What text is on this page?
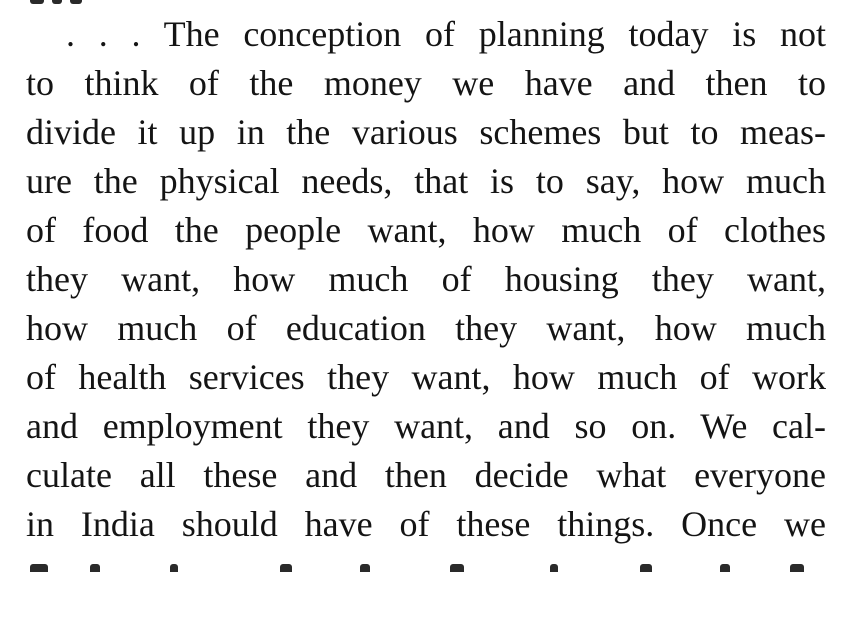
. . . The conception of planning today is not
to think of the money we have and then to
divide it up in the various schemes but to meas-
ure the physical needs, that is to say, how much
of food the people want, how much of clothes
they want, how much of housing they want,
how much of education they want, how much
of health services they want, how much of work
and employment they want, and so on. We cal-
culate all these and then decide what everyone
in India should have of these things. Once we
